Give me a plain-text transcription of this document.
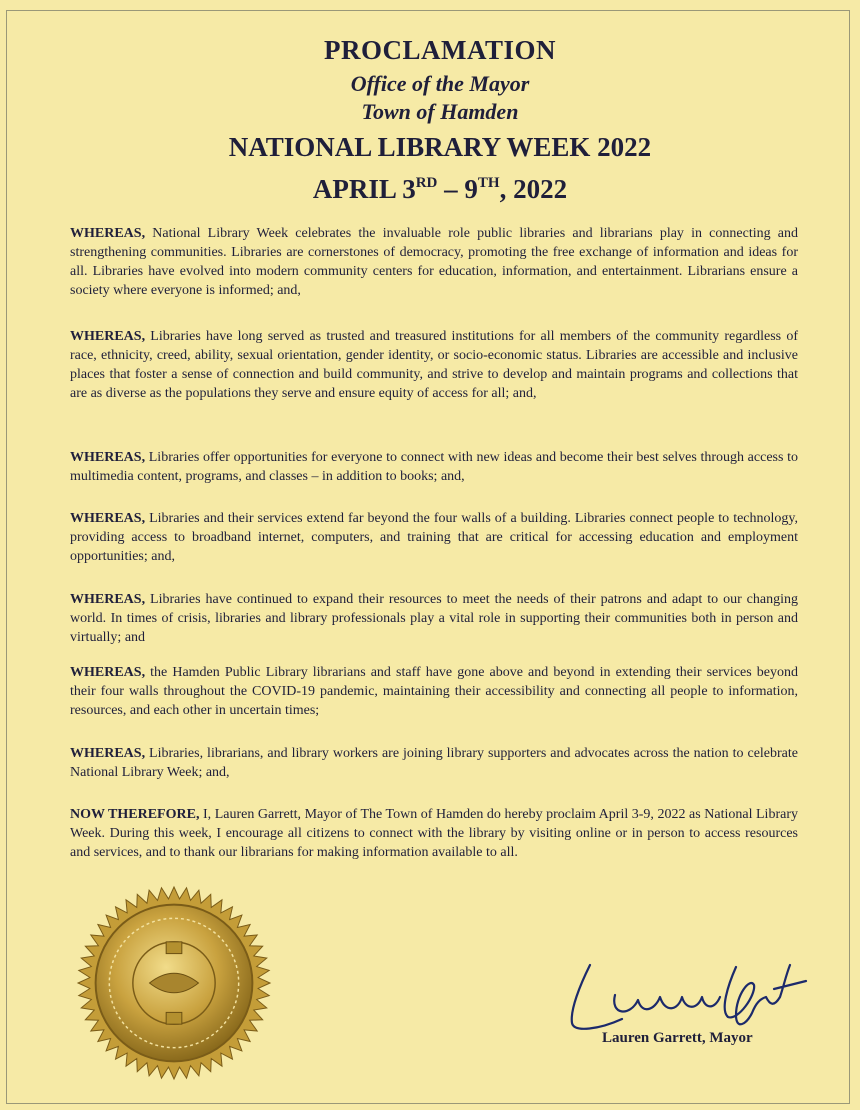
PROCLAMATION
Office of the Mayor
Town of Hamden
NATIONAL LIBRARY WEEK 2022
APRIL 3RD – 9TH, 2022

WHEREAS, National Library Week celebrates the invaluable role public libraries and librarians play in connecting and strengthening communities. Libraries are cornerstones of democracy, promoting the free exchange of information and ideas for all. Libraries have evolved into modern community centers for education, information, and entertainment. Librarians ensure a society where everyone is informed; and,

WHEREAS, Libraries have long served as trusted and treasured institutions for all members of the community regardless of race, ethnicity, creed, ability, sexual orientation, gender identity, or socio-economic status. Libraries are accessible and inclusive places that foster a sense of connection and build community, and strive to develop and maintain programs and collections that are as diverse as the populations they serve and ensure equity of access for all; and,

WHEREAS, Libraries offer opportunities for everyone to connect with new ideas and become their best selves through access to multimedia content, programs, and classes – in addition to books; and,

WHEREAS, Libraries and their services extend far beyond the four walls of a building. Libraries connect people to technology, providing access to broadband internet, computers, and training that are critical for accessing education and employment opportunities; and,

WHEREAS, Libraries have continued to expand their resources to meet the needs of their patrons and adapt to our changing world. In times of crisis, libraries and library professionals play a vital role in supporting their communities both in person and virtually; and

WHEREAS, the Hamden Public Library librarians and staff have gone above and beyond in extending their services beyond their four walls throughout the COVID-19 pandemic, maintaining their accessibility and connecting all people to information, resources, and each other in uncertain times;

WHEREAS, Libraries, librarians, and library workers are joining library supporters and advocates across the nation to celebrate National Library Week; and,

NOW THEREFORE, I, Lauren Garrett, Mayor of The Town of Hamden do hereby proclaim April 3-9, 2022 as National Library Week. During this week, I encourage all citizens to connect with the library by visiting online or in person to access resources and services, and to thank our librarians for making information available to all.

Lauren Garrett, Mayor
